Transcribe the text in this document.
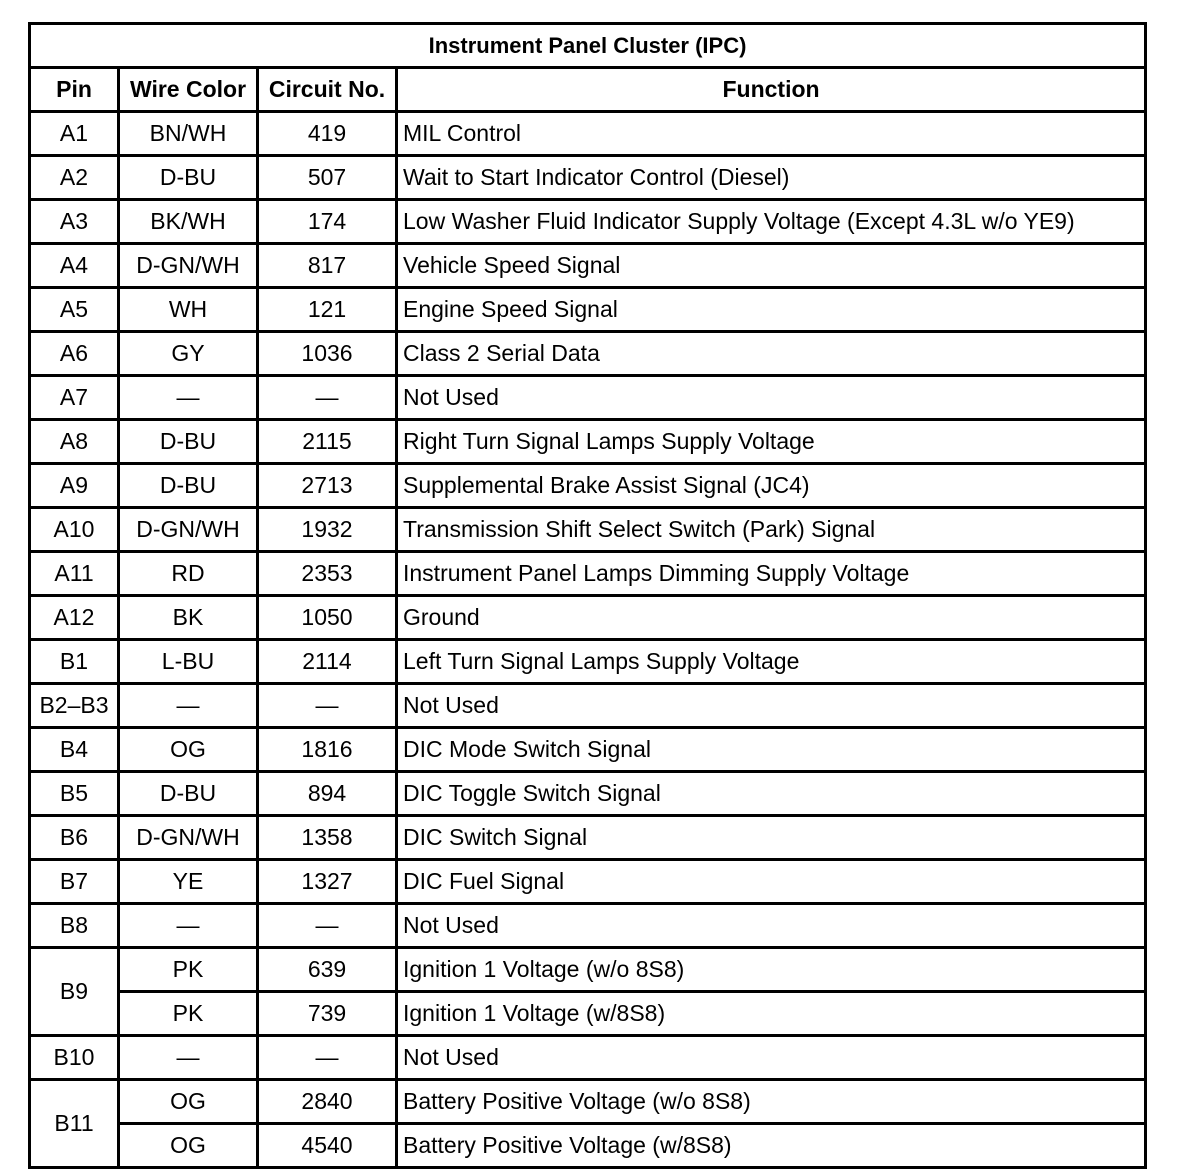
Instrument Panel Cluster (IPC)			
Pin	Wire Color	Circuit No.	Function
A1	BN/WH	419	MIL Control
A2	D-BU	507	Wait to Start Indicator Control (Diesel)
A3	BK/WH	174	Low Washer Fluid Indicator Supply Voltage (Except 4.3L w/o YE9)
A4	D-GN/WH	817	Vehicle Speed Signal
A5	WH	121	Engine Speed Signal
A6	GY	1036	Class 2 Serial Data
A7	—	—	Not Used
A8	D-BU	2115	Right Turn Signal Lamps Supply Voltage
A9	D-BU	2713	Supplemental Brake Assist Signal (JC4)
A10	D-GN/WH	1932	Transmission Shift Select Switch (Park) Signal
A11	RD	2353	Instrument Panel Lamps Dimming Supply Voltage
A12	BK	1050	Ground
B1	L-BU	2114	Left Turn Signal Lamps Supply Voltage
B2–B3	—	—	Not Used
B4	OG	1816	DIC Mode Switch Signal
B5	D-BU	894	DIC Toggle Switch Signal
B6	D-GN/WH	1358	DIC Switch Signal
B7	YE	1327	DIC Fuel Signal
B8	—	—	Not Used
B9	PK	639	Ignition 1 Voltage (w/o 8S8)
	PK	739	Ignition 1 Voltage (w/8S8)
B10	—	—	Not Used
B11	OG	2840	Battery Positive Voltage (w/o 8S8)
	OG	4540	Battery Positive Voltage (w/8S8)
